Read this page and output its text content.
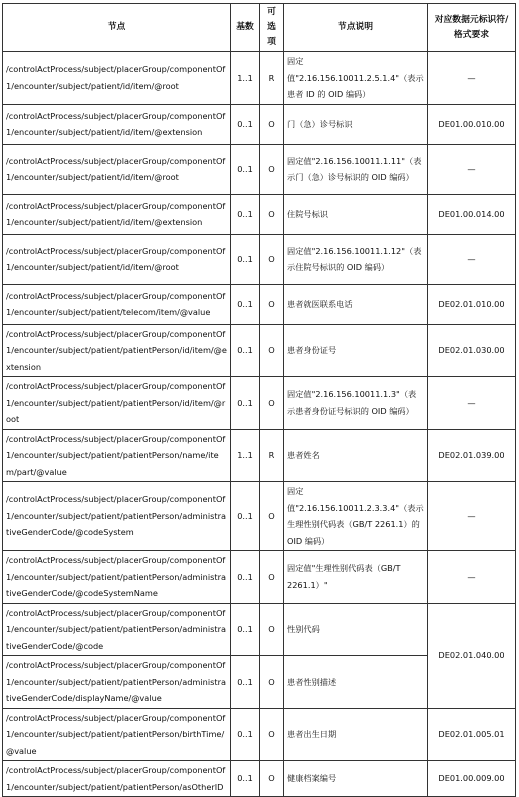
节点	基数	可选项	节点说明	对应数据元标识符/格式要求
/controlActProcess/subject/placerGroup/componentOf1/encounter/subject/patient/id/item/@root	1..1	R	固定值"2.16.156.10011.2.5.1.4"（表示患者 ID 的 OID 编码）	—
/controlActProcess/subject/placerGroup/componentOf1/encounter/subject/patient/id/item/@extension	0..1	O	门（急）诊号标识	DE01.00.010.00
/controlActProcess/subject/placerGroup/componentOf1/encounter/subject/patient/id/item/@root	0..1	O	固定值"2.16.156.10011.1.11"（表示门（急）诊号标识的 OID 编码）	—
/controlActProcess/subject/placerGroup/componentOf1/encounter/subject/patient/id/item/@extension	0..1	O	住院号标识	DE01.00.014.00
/controlActProcess/subject/placerGroup/componentOf1/encounter/subject/patient/id/item/@root	0..1	O	固定值"2.16.156.10011.1.12"（表示住院号标识的 OID 编码）	—
/controlActProcess/subject/placerGroup/componentOf1/encounter/subject/patient/telecom/item/@value	0..1	O	患者就医联系电话	DE02.01.010.00
/controlActProcess/subject/placerGroup/componentOf1/encounter/subject/patient/patientPerson/id/item/@extension	0..1	O	患者身份证号	DE02.01.030.00
/controlActProcess/subject/placerGroup/componentOf1/encounter/subject/patient/patientPerson/id/item/@root	0..1	O	固定值"2.16.156.10011.1.3"（表示患者身份证号标识的 OID 编码）	—
/controlActProcess/subject/placerGroup/componentOf1/encounter/subject/patient/patientPerson/name/item/part/@value	1..1	R	患者姓名	DE02.01.039.00
/controlActProcess/subject/placerGroup/componentOf1/encounter/subject/patient/patientPerson/administrativeGenderCode/@codeSystem	0..1	O	固定值"2.16.156.10011.2.3.3.4"（表示生理性别代码表（GB/T 2261.1）的 OID 编码）	—
/controlActProcess/subject/placerGroup/componentOf1/encounter/subject/patient/patientPerson/administrativeGenderCode/@codeSystemName	0..1	O	固定值"生理性别代码表（GB/T 2261.1）"	—
/controlActProcess/subject/placerGroup/componentOf1/encounter/subject/patient/patientPerson/administrativeGenderCode/@code	0..1	O	性别代码	DE02.01.040.00
/controlActProcess/subject/placerGroup/componentOf1/encounter/subject/patient/patientPerson/administrativeGenderCode/displayName/@value	0..1	O	患者性别描述	
/controlActProcess/subject/placerGroup/componentOf1/encounter/subject/patient/patientPerson/birthTime/@value	0..1	O	患者出生日期	DE02.01.005.01
/controlActProcess/subject/placerGroup/componentOf1/encounter/subject/patient/patientPerson/asOtherID	0..1	O	健康档案编号	DE01.00.009.00
